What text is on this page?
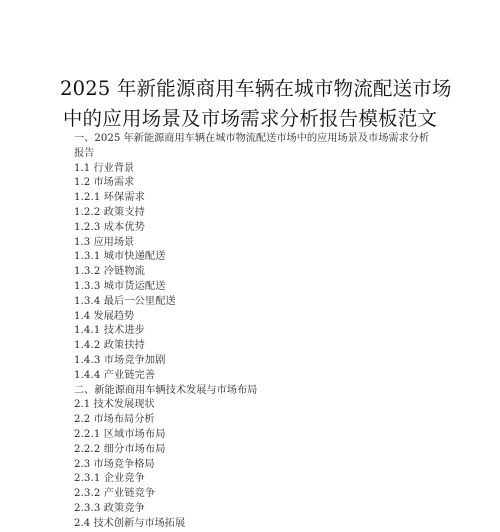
2025 年新能源商用车辆在城市物流配送市场
中的应用场景及市场需求分析报告模板范文
一、2025 年新能源商用车辆在城市物流配送市场中的应用场景及市场需求分析报告
1.1 行业背景
1.2 市场需求
1.2.1 环保需求
1.2.2 政策支持
1.2.3 成本优势
1.3 应用场景
1.3.1 城市快递配送
1.3.2 冷链物流
1.3.3 城市货运配送
1.3.4 最后一公里配送
1.4 发展趋势
1.4.1 技术进步
1.4.2 政策扶持
1.4.3 市场竞争加剧
1.4.4 产业链完善
二、新能源商用车辆技术发展与市场布局
2.1 技术发展现状
2.2 市场布局分析
2.2.1 区域市场布局
2.2.2 细分市场布局
2.3 市场竞争格局
2.3.1 企业竞争
2.3.2 产业链竞争
2.3.3 政策竞争
2.4 技术创新与市场拓展
